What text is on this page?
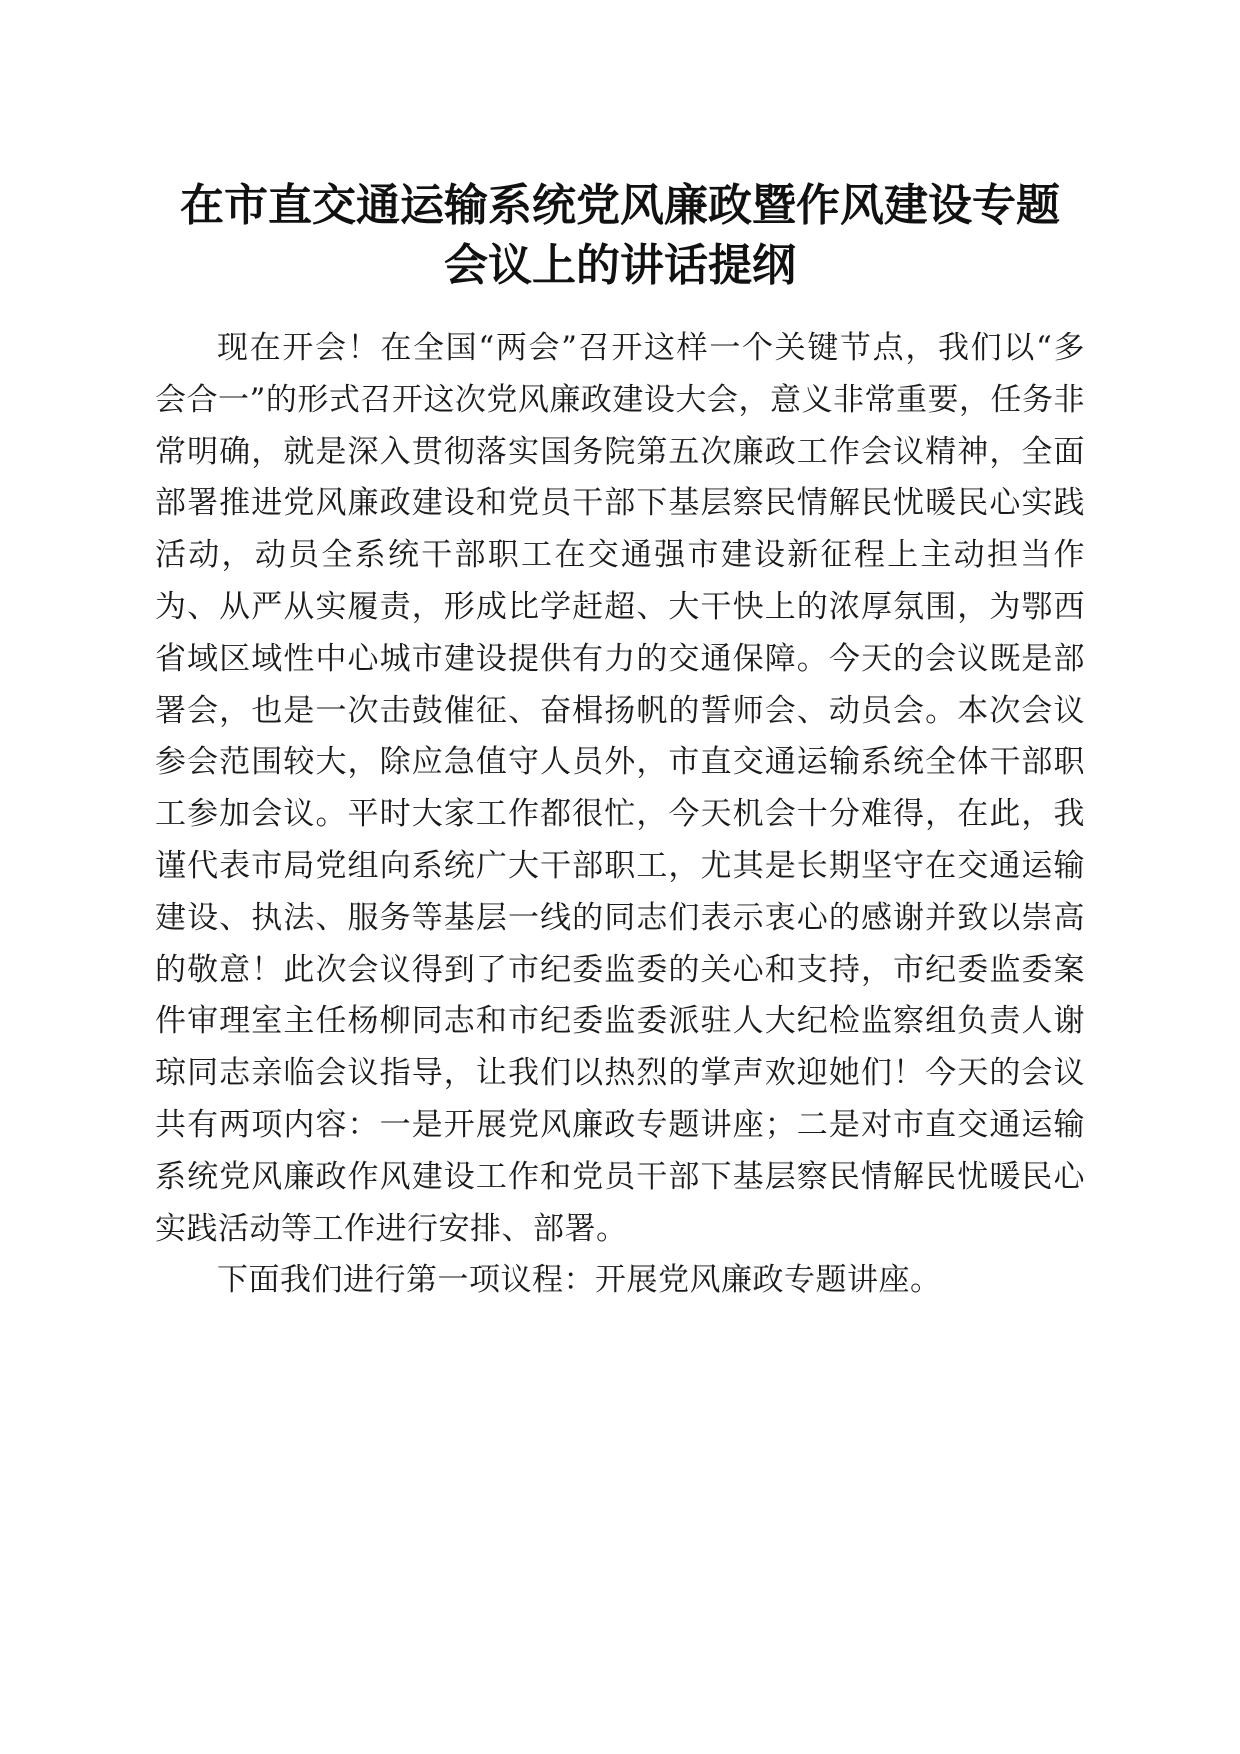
在市直交通运输系统党风廉政暨作风建设专题
会议上的讲话提纲

现在开会！在全国“两会”召开这样一个关键节点，我们以“多会合一”的形式召开这次党风廉政建设大会，意义非常重要，任务非常明确，就是深入贯彻落实国务院第五次廉政工作会议精神，全面部署推进党风廉政建设和党员干部下基层察民情解民忧暖民心实践活动，动员全系统干部职工在交通强市建设新征程上主动担当作为、从严从实履责，形成比学赶超、大干快上的浓厚氛围，为鄂西省域区域性中心城市建设提供有力的交通保障。今天的会议既是部署会，也是一次击鼓催征、奋楫扬帆的誓师会、动员会。本次会议参会范围较大，除应急值守人员外，市直交通运输系统全体干部职工参加会议。平时大家工作都很忙，今天机会十分难得，在此，我谨代表市局党组向系统广大干部职工，尤其是长期坚守在交通运输建设、执法、服务等基层一线的同志们表示衷心的感谢并致以崇高的敬意！此次会议得到了市纪委监委的关心和支持，市纪委监委案件审理室主任杨柳同志和市纪委监委派驻人大纪检监察组负责人谢琼同志亲临会议指导，让我们以热烈的掌声欢迎她们！今天的会议共有两项内容：一是开展党风廉政专题讲座；二是对市直交通运输系统党风廉政作风建设工作和党员干部下基层察民情解民忧暖民心实践活动等工作进行安排、部署。

下面我们进行第一项议程：开展党风廉政专题讲座。
